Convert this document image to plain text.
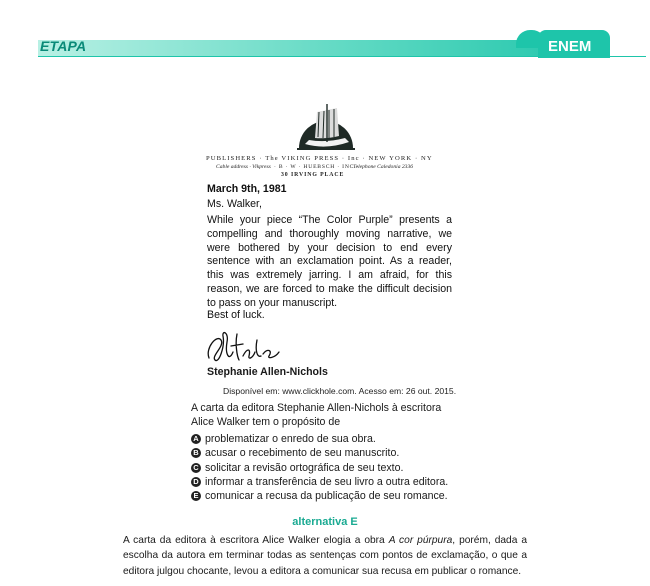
ETAPA	ENEM
PUBLISHERS · The VIKING PRESS · Inc · NEW YORK · NY
Cable address · Vikpress · B · W · HUEBSCH · INC ·
Telephone Caledonia 2336
30 IRVING PLACE
March 9th, 1981
Ms. Walker,
While your piece “The Color Purple” presents a compelling and thoroughly moving narrative, we were bothered by your decision to end every sentence with an exclamation point. As a reader, this was extremely jarring. I am afraid, for this reason, we are forced to make the difficult decision to pass on your manuscript.
Best of luck.
Stephanie Allen-Nichols
Disponível em: www.clickhole.com. Acesso em: 26 out. 2015.
A carta da editora Stephanie Allen-Nichols à escritora Alice Walker tem o propósito de
A problematizar o enredo de sua obra.
B acusar o recebimento de seu manuscrito.
C solicitar a revisão ortográfica de seu texto.
D informar a transferência de seu livro a outra editora.
E comunicar a recusa da publicação de seu romance.
alternativa E
A carta da editora à escritora Alice Walker elogia a obra A cor púrpura, porém, dada a escolha da autora em terminar todas as sentenças com pontos de exclamação, o que a editora julgou chocante, levou a editora a comunicar sua recusa em publicar o romance.
